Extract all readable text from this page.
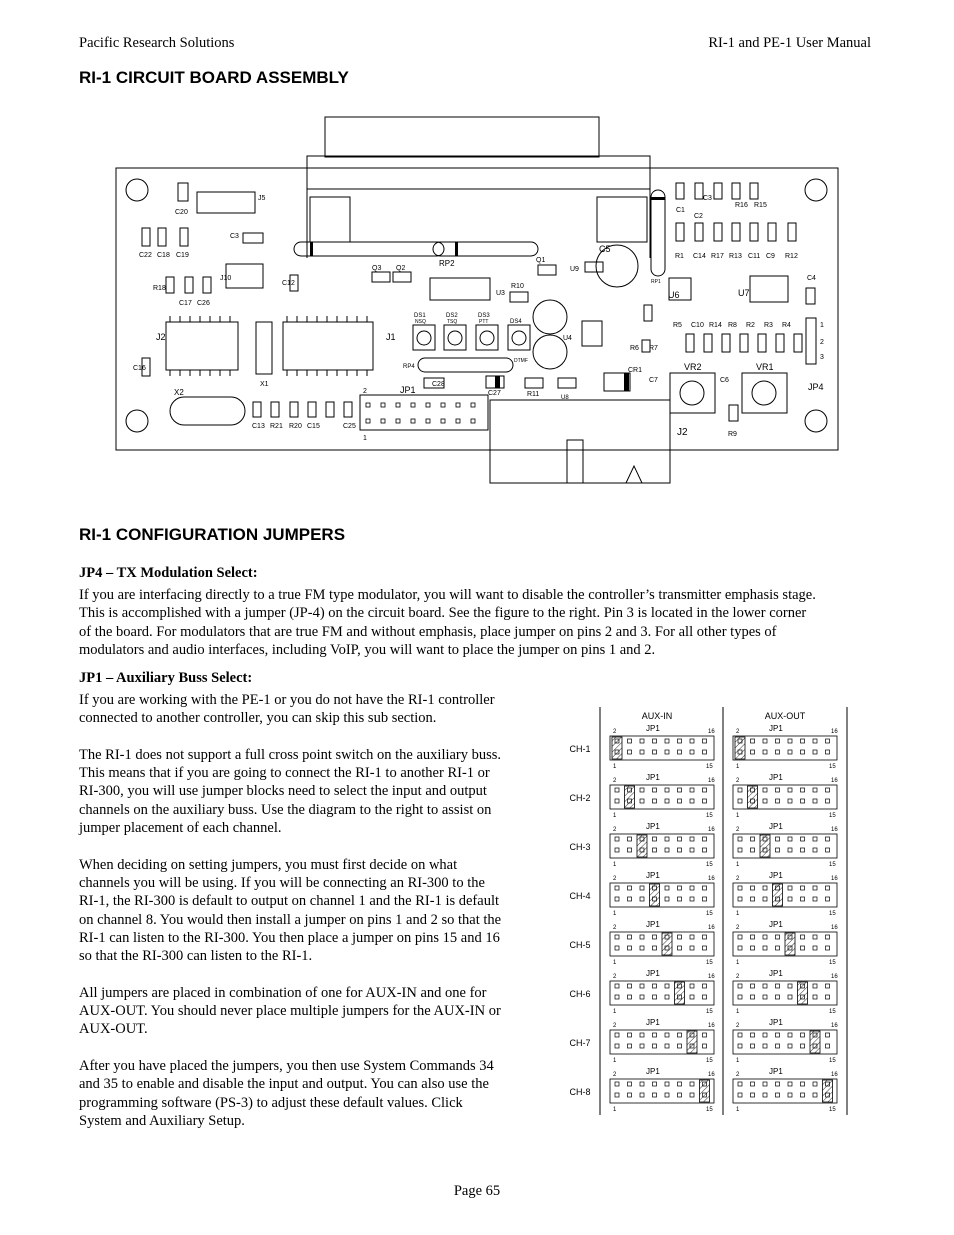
Pacific Research Solutions	RI-1 and PE-1 User Manual
RI-1 CIRCUIT BOARD ASSEMBLY
C20
J5
C22 C18 C19
C3
J10
C12
R18
C17 C26
J2	J1
C16
X1
X2
C13 R21 R20 C15	C25
Q3 Q2
RP2
U3
R10
Q1
U9
C5
U6
DS1	DS2	DS3
DS4
NSQ	TSQ	PTT
U4
RP4
DTMF
C28
C27	R11	U8
JP1
2
1
J2
CR1
R6 R7
C7
VR2	VR1
C6
R9
JP4
C4
U7
R5 C10 R14 R8 R2 R3 R4
R1 C14 R17 R13 C11 C9 R12
C2
C1
C3
R16 R15
RP1
1
2
3
RI-1 CONFIGURATION JUMPERS
JP4 – TX Modulation Select:
If you are interfacing directly to a true FM type modulator, you will want to disable the controller’s transmitter emphasis stage.
This is accomplished with a jumper (JP-4) on the circuit board. See the figure to the right. Pin 3 is located in the lower corner
of the board. For modulators that are true FM and without emphasis, place jumper on pins 2 and 3. For all other types of
modulators and audio interfaces, including VoIP, you will want to place the jumper on pins 1 and 2.
JP1 – Auxiliary Buss Select:
If you are working with the PE-1 or you do not have the RI-1 controller
connected to another controller, you can skip this sub section.
The RI-1 does not support a full cross point switch on the auxiliary buss.
This means that if you are going to connect the RI-1 to another RI-1 or
RI-300, you will use jumper blocks need to select the input and output
channels on the auxiliary buss. Use the diagram to the right to assist on
jumper placement of each channel.
When deciding on setting jumpers, you must first decide on what
channels you will be using. If you will be connecting an RI-300 to the
RI-1, the RI-300 is default to output on channel 1 and the RI-1 is default
on channel 8. You would then install a jumper on pins 1 and 2 so that the
RI-1 can listen to the RI-300. You then place a jumper on pins 15 and 16
so that the RI-300 can listen to the RI-1.
All jumpers are placed in combination of one for AUX-IN and one for
AUX-OUT. You should never place multiple jumpers for the AUX-IN or
AUX-OUT.
After you have placed the jumpers, you then use System Commands 34
and 35 to enable and disable the input and output. You can also use the
programming software (PS-3) to adjust these default values. Click
System and Auxiliary Setup.
AUX-IN	AUX-OUT
CH-1
2	JP1	16
1	15
2	JP1	16
1	15
CH-2
2	JP1	16
1	15
2	JP1	16
1	15
CH-3
2	JP1	16
1	15
2	JP1	16
1	15
CH-4
2	JP1	16
1	15
2	JP1	16
1	15
CH-5
2	JP1	16
1	15
2	JP1	16
1	15
CH-6
2	JP1	16
1	15
2	JP1	16
1	15
CH-7
2	JP1	16
1	15
2	JP1	16
1	15
CH-8
2	JP1	16
1	15
2	JP1	16
1	15
Page 65
